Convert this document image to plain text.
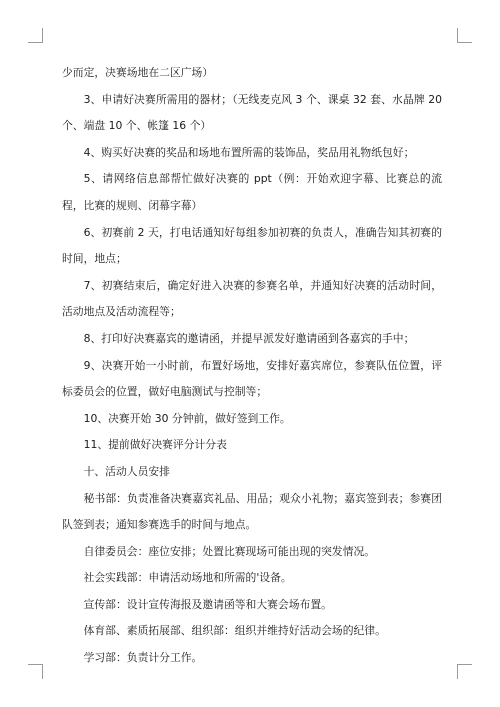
少而定，决赛场地在二区广场）

3、申请好决赛所需用的器材；（无线麦克风 3 个、课桌 32 套、水晶牌 20 个、端盘 10 个、帐篷 16 个）

4、购买好决赛的奖品和场地布置所需的装饰品，奖品用礼物纸包好；

5、请网络信息部帮忙做好决赛的 ppt（例：开始欢迎字幕、比赛总的流程，比赛的规则、闭幕字幕）

6、初赛前 2 天，打电话通知好每组参加初赛的负责人，准确告知其初赛的时间，地点；

7、初赛结束后，确定好进入决赛的参赛名单，并通知好决赛的活动时间，活动地点及活动流程等；

8、打印好决赛嘉宾的邀请函，并提早派发好邀请函到各嘉宾的手中；

9、决赛开始一小时前，布置好场地，安排好嘉宾席位，参赛队伍位置，评标委员会的位置，做好电脑测试与控制等；

10、决赛开始 30 分钟前，做好签到工作。

11、提前做好决赛评分计分表

十、活动人员安排

秘书部：负责准备决赛嘉宾礼品、用品；观众小礼物；嘉宾签到表；参赛团队签到表；通知参赛选手的时间与地点。

自律委员会：座位安排；处置比赛现场可能出现的突发情况。

社会实践部：申请活动场地和所需的'设备。

宣传部：设计宣传海报及邀请函等和大赛会场布置。

体育部、素质拓展部、组织部：组织并维持好活动会场的纪律。

学习部：负责计分工作。
